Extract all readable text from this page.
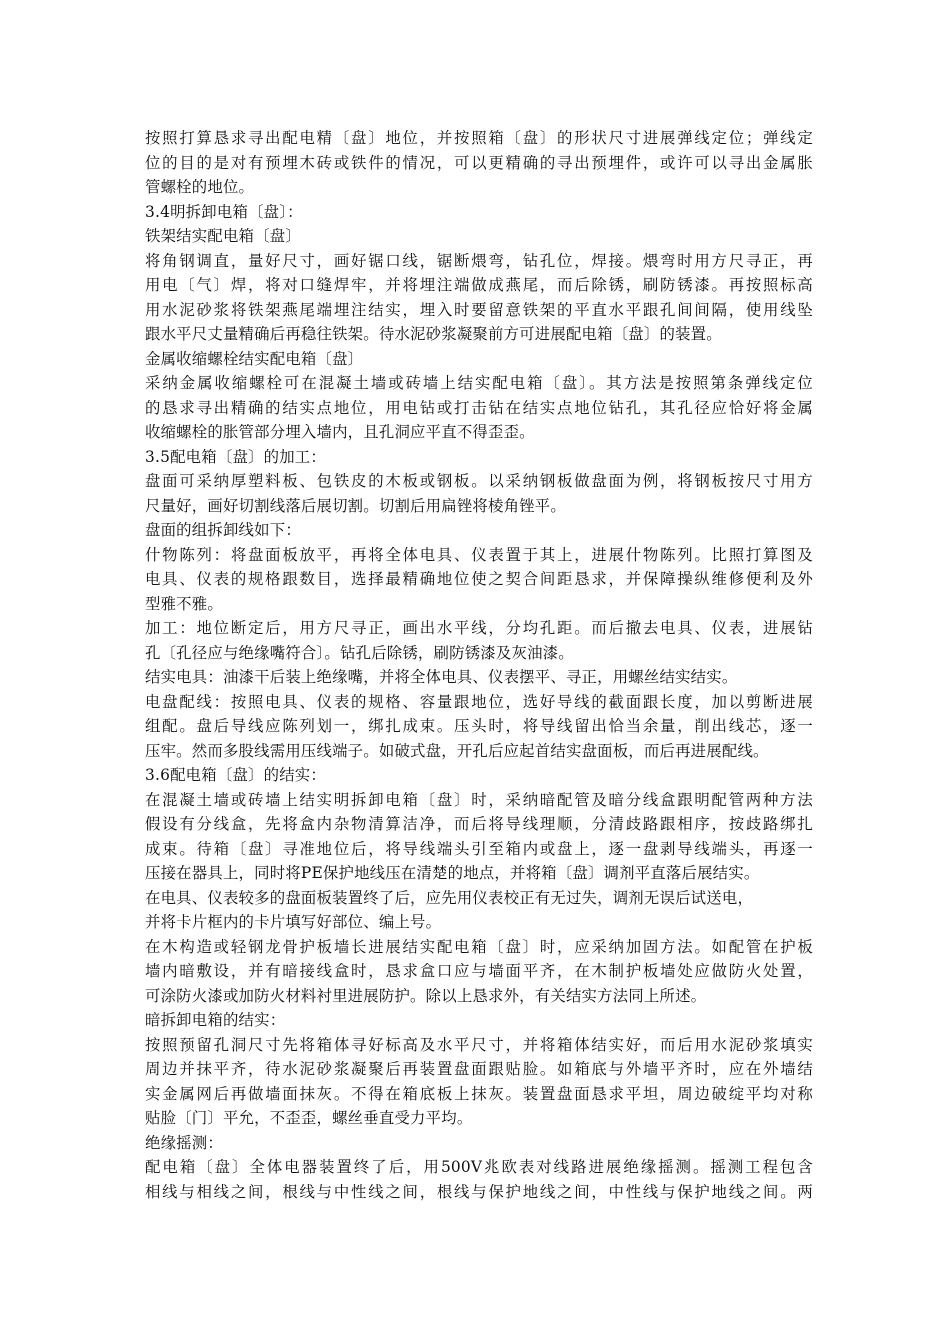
按照打算恳求寻出配电精〔盘〕地位，并按照箱〔盘〕的形状尺寸进展弹线定位；弹线定
位的目的是对有预埋木砖或铁件的情况，可以更精确的寻出预埋件，或许可以寻出金属胀
管螺栓的地位。
3.4明拆卸电箱〔盘〕：
铁架结实配电箱〔盘〕
将角钢调直，量好尺寸，画好锯口线，锯断煨弯，钻孔位，焊接。煨弯时用方尺寻正，再
用电〔气〕焊，将对口缝焊牢，并将埋注端做成燕尾，而后除锈，刷防锈漆。再按照标高
用水泥砂浆将铁架燕尾端埋注结实，埋入时要留意铁架的平直水平跟孔间间隔，使用线坠
跟水平尺丈量精确后再稳往铁架。待水泥砂浆凝聚前方可进展配电箱〔盘〕的装置。
金属收缩螺栓结实配电箱〔盘〕
采纳金属收缩螺栓可在混凝土墙或砖墙上结实配电箱〔盘〕。其方法是按照第条弹线定位
的恳求寻出精确的结实点地位，用电钻或打击钻在结实点地位钻孔，其孔径应恰好将金属
收缩螺栓的胀管部分埋入墙内，且孔洞应平直不得歪歪。
3.5配电箱〔盘〕的加工：
盘面可采纳厚塑料板、包铁皮的木板或钢板。以采纳钢板做盘面为例，将钢板按尺寸用方
尺量好，画好切割线落后展切割。切割后用扁锉将棱角锉平。
盘面的组拆卸线如下：
什物陈列：将盘面板放平，再将全体电具、仪表置于其上，进展什物陈列。比照打算图及
电具、仪表的规格跟数目，选择最精确地位使之契合间距恳求，并保障操纵维修便利及外
型雅不雅。
加工：地位断定后，用方尺寻正，画出水平线，分均孔距。而后撤去电具、仪表，进展钻
孔〔孔径应与绝缘嘴符合〕。钻孔后除锈，刷防锈漆及灰油漆。
结实电具：油漆干后装上绝缘嘴，并将全体电具、仪表摆平、寻正，用螺丝结实结实。
电盘配线：按照电具、仪表的规格、容量跟地位，选好导线的截面跟长度，加以剪断进展
组配。盘后导线应陈列划一，绑扎成束。压头时，将导线留出恰当余量，削出线芯，逐一
压牢。然而多股线需用压线端子。如破式盘，开孔后应起首结实盘面板，而后再进展配线。
3.6配电箱〔盘〕的结实：
在混凝土墙或砖墙上结实明拆卸电箱〔盘〕时，采纳暗配管及暗分线盒跟明配管两种方法
假设有分线盒，先将盒内杂物清算洁净，而后将导线理顺，分清歧路跟相序，按歧路绑扎
成束。待箱〔盘〕寻准地位后，将导线端头引至箱内或盘上，逐一盘剥导线端头，再逐一
压接在器具上，同时将PE保护地线压在清楚的地点，并将箱〔盘〕调剂平直落后展结实。
在电具、仪表较多的盘面板装置终了后，应先用仪表校正有无过失，调剂无误后试送电，
并将卡片框内的卡片填写好部位、编上号。
在木构造或轻钢龙骨护板墙长进展结实配电箱〔盘〕时，应采纳加固方法。如配管在护板
墙内暗敷设，并有暗接线盒时，恳求盒口应与墙面平齐，在木制护板墙处应做防火处置，
可涂防火漆或加防火材料衬里进展防护。除以上恳求外，有关结实方法同上所述。
暗拆卸电箱的结实：
按照预留孔洞尺寸先将箱体寻好标高及水平尺寸，并将箱体结实好，而后用水泥砂浆填实
周边并抹平齐，待水泥砂浆凝聚后再装置盘面跟贴脸。如箱底与外墙平齐时，应在外墙结
实金属网后再做墙面抹灰。不得在箱底板上抹灰。装置盘面恳求平坦，周边破绽平均对称
贴脸〔门〕平允，不歪歪，螺丝垂直受力平均。
绝缘摇测：
配电箱〔盘〕全体电器装置终了后，用500V兆欧表对线路进展绝缘摇测。摇测工程包含
相线与相线之间，根线与中性线之间，根线与保护地线之间，中性线与保护地线之间。两
